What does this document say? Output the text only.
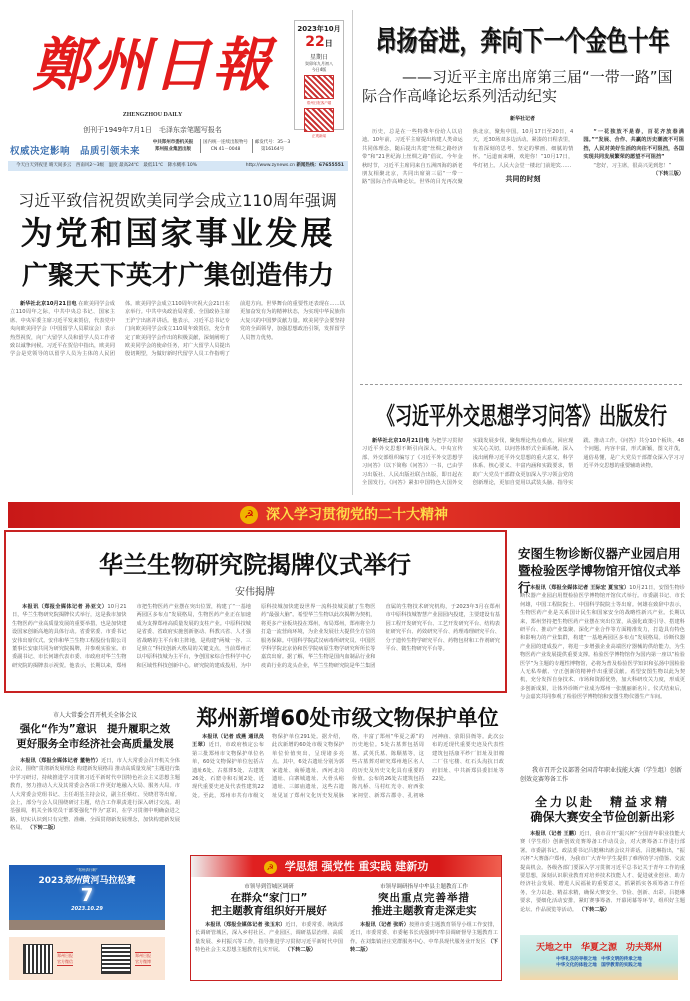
鄭州日報
ZHENGZHOU DAILY
创刊于1949年7月1日　毛泽东亲笔题写报名
2023年10月
22日
星期日
癸卯年九月初八
今日4版
郑州日报客户端
正观新闻
权威决定影响　品质引领未来
中共郑州市委机关报
郑州报业集团出版
国内统一连续出版物号
CN 41－0048
邮发代号：35－3
第16164号
今天白天到夜里 晴天间多云　西南风2～3级　温度 最高24℃　最低11℃　降水概率 10%	http://www.zynews.cn 新闻热线：67655551
习近平致信祝贺欧美同学会成立110周年强调
为党和国家事业发展
广聚天下英才广集创造伟力
新华社北京10月21日电 在欧美同学会成立110周年之际，中共中央总书记、国家主席、中央军委主席习近平发来贺信，代表党中央向欧美同学会（中国留学人员联谊会）表示热烈祝贺，向广大留学人员和留学人员工作者致以诚挚问候。习近平在贺信中指出，欧美同学会是党领导的以留学人员为主体的人民团体。欧美同学会成立110周年庆祝大会21日在京举行。中共中央政治局常委、全国政协主席王沪宁出席并讲话。他表示，习近平总书记专门向欧美同学会成立110周年致贺信，充分肯定了欧美同学会作出的积极贡献，深刻阐明了欧美同学会的使命任务，对广大留学人员提出殷切期望，为做好新时代留学人员工作指明了前进方向。世界舞台的重要性还表现在……以更加奋发有为的精神状态，为实现中华民族伟大复兴的中国梦贡献力量。欧美同学会要坚持党的全面领导，加强思想政治引领，发挥留学人员智力优势。
昂扬奋进，奔向下一个金色十年
——习近平主席出席第三届“一带一路”国际合作高峰论坛系列活动纪实
新华社记者
历史，总是在一些特殊年份给人以启迪。10年前，习近平主席提出构建人类命运共同体理念，随后提出共建“丝绸之路经济带”和“21世纪海上丝绸之路”倡议。今年金秋时节，习近平主席同来自五洲四海的新老朋友相聚北京，共同出席第三届“一带一路”国际合作高峰论坛。世界的目光再次聚焦北京，聚焦中国。10月17日至20日，4天，近30场双多边活动。紧凑的日程表里，有着深刻的思考、坚定的擘画、细腻的情怀。“远道而来啊，欢迎你！”10月17日，华灯初上。人民大会堂一楼北门前迎宾……
共同的时刻
“一花独放不是春，百花齐放春满园。”“发展、合作、共赢的历史潮流不可阻挡，人民对美好生活的向往不可阻挡，各国实现共同发展繁荣的愿望不可阻挡”
“您好，习主席，很高兴见到您！”
（下转三版）
《习近平外交思想学习问答》出版发行
新华社北京10月21日电 为把学习贯彻习近平外交思想不断引向深入，中央宣传部、外交部组织编写了《习近平外交思想学习问答》（以下简称《问答》）一书，已由学习出版社、人民出版社联合出版，即日起在全国发行。《问答》紧扣中国特色大国外交实践发展步伐，聚焦理论热点难点，回应现实关心关切，以问答体形式全面系统、深入浅出阐释习近平外交思想的重大意义、科学体系、核心要义、丰富内涵和实践要求，帮助广大党员干部群众更加深入学习领会党的创新理论，更加自觉用以武装头脑、指导实践、推动工作。《问答》共分10个板块、48个问题，内容丰富，形式新颖，图文并茂，通俗易懂，是广大党员干部群众深入学习习近平外交思想的重要辅助读物。
☭ 深入学习贯彻党的二十大精神
华兰生物研究院揭牌仪式举行
安伟揭牌
本报讯（郑报全媒体记者 孙亚文）10月21日，华兰生物研究院揭牌仪式举行，这是我市加快生物医药产业高质量发展的重要举措，也是加快建设国家创新高地的具体行动。省委常委、市委书记安伟出席仪式。安伟和华兰生物工程股份有限公司董事长安康共同为研究院揭牌，并参观实验室。市委副书记、市长何雄代表市委、市政府对华兰生物研究院的揭牌表示祝贺。他表示，长期以来，郑州市把生物医药产业摆在突出位置，构建了“一基地两园区多布点”发展格局，生物医药产业正在加速成为支撑郑州高质量发展的支柱产业。中原科技城是省委、省政府实施创新驱动、科教兴省、人才强省战略的主平台和主阵地，是构建“两城一谷、三足鼎立”科技创新大格局的关键支点，当前郑州正以中原科技城为主平台，争创国家综合性科学中心和区域性科技创新中心。研究院的建成投用，为中原科技城加快建设世界一流科技城贡献了生物医药“最强大脑”。希望华兰生物以此次揭牌为契机，将更多产业板块投在郑州，布局郑州，郑州将全力打造一流营商环境，为企业发展壮大提供全方位的服务保障。中国科学院武汉病毒所研究员、中国医学科学院北京协和医学院病原生物学研究所所长等嘉宾出席。据了解，华兰生物是国内血制品行业和疫苗行业的龙头企业，华兰生物研究院是华兰集团直属的生物技术研究机构，于2023年3月在郑州市中原科技城智慧产业园园内投建，主要建设有基因工程开发研究平台、工艺开发研究平台、结构表征研究平台、药效研究平台、药理毒理研究平台、分子遗传生物学研究平台、药物包材和工作剂研究平台、微生物研究平台等。
安图生物诊断仪器产业园启用暨检验医学博物馆开馆仪式举行 本报讯（郑报全媒体记者 王际宏 夏宝宝）10月21日，安图生物诊断仪器产业园启用暨检验医学博物馆开馆仪式举行。市委副书记、市长何雄，中国工程院院士、中国科学院院士等出席。何雄在致辞中表示，生物医药产业是关系国计民生和国家安全的战略性新兴产业。长期以来，郑州坚持把生物医药产业摆在突出位置，从强化政策引导、搭建科研平台、推动产业集聚、深化产业合作等方面精准发力，打造具有特色和影响力的产业集群，构建“一基地两园区多布点”发展格局。诊断仪器产业园的建成投产，将进一步增强企业高端医疗器械的供给能力，为生物医药产业发展提供重要支撑。检验医学博物馆作为国内第一座以“检验医学”为主题的专题性博物馆，必将为普及检验医学知识和弘扬中国检验人无私奉献、守正创新的精神作出重要贡献。希望安图生物以此为契机，充分发挥自身技术、市场和资源优势，加大科研攻关力度，形成更多创新成果，让体外诊断产业成为郑州一张靓丽新名片。仪式结束后，与会嘉宾共同参观了检验医学博物馆和安图生物仪器生产车间。
市人大常委会召开机关全体会议
强化“作为”意识　提升履职之效
更好服务全市经济社会高质量发展
本报讯（郑报全媒体记者 董艳竹）近日，市人大常委会召开机关全体会议，围绕“贯彻新发展理念 构建新发展格局 推动高质量发展”主题进行集中学习研讨，持续推进学习贯彻习近平新时代中国特色社会主义思想主题教育，努力推动人大及其常委会各项工作更好地融入大局、服务大局。市人大常委会党组书记、主任胡荃主持会议，副主任蔡红、吴晓君等出席。会上，部分与会人员围绕研讨主题，结合工作职责进行深入研讨交流。胡荃强调，机关全体党员干部要强化“作为”意识，在学习贯彻中明确奋进之路，切实认识到只有完整、准确、全面贯彻新发展理念，加快构建新发展格局。 （下转二版）
郑州新增60处市级文物保护单位
本报讯（记者 成燕 通讯员 王翠）近日，市政府核定公布第三批郑州市文物保护单位名单，60处文物保护单位包括古遗址6处、古墓葬5处、古建筑26处、石窟寺和石刻2处、近现代重要史迹及代表性建筑22处。至此，郑州市共有市级文物保护单位291处。据介绍，此次新增的60处市级文物保护单位价值突出，呈现诸多亮点。其中，6处古遗址分别为郭家遗址、商桥遗址、西河北岗遗址、白寨城遗址、大骨头峪遗址、三郎庙遗址，这些古遗址见证了郑州文化历史发展脉络，丰富了郑州“华夏之源”的历史地位。5处古墓葬包括周墓、武英氏墓、陈顺墓等，这些古墓葬对研究郑州地区名人的历史及历史文化具有重要的价值。公布的26处古建筑包括陈凡桥、马村红光寺、府西张家祠堂、新郑古郡寺、孔初咏河神庙、荥阳县衙等。此次公布的近现代重要史迹及代表性建筑包括康平纱厂旧址及旧棉二厂住宅楼、红石头沟抗日政府旧址、中共新郑县委旧址等22处。
我市召开会议部署全国青年职业技能大赛（学生组）创新创效竞赛筹备工作
全力以赴　精益求精
确保大赛安全节俭创新出彩
本报讯（记者 王鹏）近日，我市召开“振兴杯”全国青年职业技能大赛（学生组）创新创效竞赛筹备工作动员会，对大赛筹备工作进行部署。市委副书记、政法委书记吕挺琳出席会议并讲话。吕挺琳指出，“振兴杯”大赛落户郑州，为我市广大青年学生提供了难得的学习借鉴、交流提高机会。各级各部门要深入学习贯彻习近平总书记关于青年工作的重要思想，深刻认识职业教育对培养技术技能人才、促进就业创业、助力经济社会发展、增进人民福祉的重要意义，抓紧抓实各项筹备工作任务，全力以赴、精益求精，确保大赛安全、节俭、创新、出彩。吕挺琳要求，要细化活动安排，紧盯赛事筹备、开幕闭幕等环节，组织好主题论坛、作品展览等活动。 （下转二版）
“郑州请行啊”
2023郑州黄河马拉松赛
7
2023.10.29
郑州日报
官方微信
郑州日报
官方微博
☭ 学思想 强党性 重实践 建新功
市领导到管城区调研
在群众“家门口”
把主题教育组织好开展好
本报讯（郑报全媒体记者 张玉东）近日，市委常委、统战部长调研管城区，深入乡村社区、产业园区，调研基层治理、高质量发展、乡村振兴等工作，指导推进学习贯彻习近平新时代中国特色社会主义思想主题教育扎实开展。 （下转二版）
市领导调研指导中牟县主题教育工作
突出重点完善举措
推进主题教育走深走实
本报讯（记者 张昕）按照市委主题教育领导小组工作安排，近日，市委常委、市委秘书长虎强到中牟县调研督导主题教育工作。在刘集镇泾庄党群服务中心、中牟县现代服务业开发区 （下转二版）	天地之中　华夏之源　功夫郑州
中华礼乐的寻根之地　中华文明的传承之地
中华文化的体验之地　国学教育的实践之地
